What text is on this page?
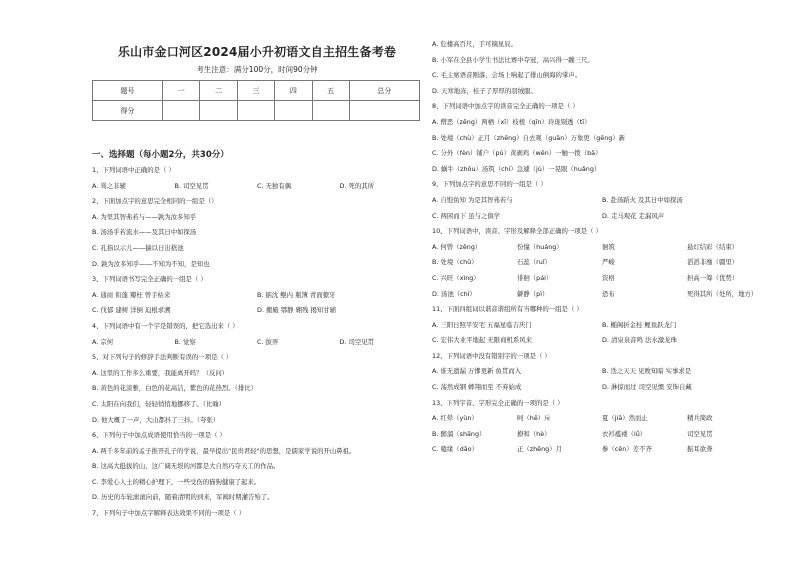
乐山市金口河区2024届小升初语文自主招生备考卷
考生注意：满分100分，时间90分钟
题号	一	二	三	四	五	总分
得分						
一、选择题（每小题2分，共30分）
1、下列词语中正确的是（ ）
A. 骂之非辅	B. 司空见贯	C. 无独有偶	D. 死的其所
2、下面加点字的意思完全相同的一组是（）
A. 为里其智弗若与——孰为汝多知乎
B. 汤汤乎若流水——及其日中如探汤
C. 孔指以示儿——揣以日出嵇池
D. 孰为汝多知乎——不知为不知，是知也
3、下列词语书写完全正确的一组是（ ）
A. 通商 衔蓬 瓣枉 曾手枯来	B. 掂沈 鲲内 瓶簿 青面獠牙
C. 伐郁 建树 洋倒 迫根求溯	D. 搬簸 鄂静 翱残 揭知甘辅
4、下列词语中有一个字是错误的，把它选出来（ ）
A. 宗何	B. 觉察	C. 拔弄	D. 司空见贯
5、对下列句子的修辞手法判断有误的一项是（ ）
A. 这里的工作多么重要，我能离开吗？（反问）
B. 黄色的花淡雅，白色的花高洁，紫色的花热烈。（排比）
C. 太阳在向我们，轻轻悄悄地挪移了。（比喻）
D. 他大概了一声，大山都抖了三抖。（夸张）
6、下列句子中加点成语使用恰当的一项是（ ）
A. 两千多年前的孟子推开孔子的学说，最早提出"民贵君轻"的思想，是儒家学说的开山鼻祖。
B. 这高大挺拔的山，这广阔无垠的河都是大自然巧夺天工的作品。
C. 李爱心人士的精心护理下，一些受伤的猫狗健康了起来。
D. 历史的车轮滚滚向前，随着清明的到来，军阀时期灌告殆了。
7、下列句子中加点字解释表达效果不同的一项是（ ）
A. 危楼高百尺，手可摘星辰。
B. 小军在全县小学生书法比赛中夺冠，高兴得一蹦三尺。
C. 毛主席语音刚落，会场上响起了排山倒海的掌声。
D. 天寒地冻，桂子了厚厚的羽绒服。
8、下列词语中加点字的读音完全正确的一项是（ ）
A. 僧恶（zēng）两栖（xī）枝棱（qīn）玲珑剔透（tī）
B. 处境（chù）正月（zhēng）自去观（guān）万象更（gēng）新
C. 分外（fèn）铺户（pù）黄剥鸡（wěn）一触一拨（bā）
D. 蜗牛（zhōu）汤筑（chí）急遽（jù）一晃眼（huǎng）
9、下列加点字的意思不同的一组是（ ）
A. 自饱鱼知 为是其智弗若与	B. 赴汤蹈火 及其日中如探汤
C. 两困而下 虽与之俱学	D. 走马观花 走漏风声
10、下列词语中，读音、字形及解释全部正确的一项是（ ）
A. 何曾（zēng）	份憧（huáng）	徊筑	悬灯结彩（结束）
B. 处境（chǔ）	石蕊（ruǐ）	严峻	滔滔非靡（疆里）
C. 兴旺（xìng）	徘徊（pái）	资格	担高一筹（优势）
D. 汤池（chí）	僻静（pì）	恐布	死得其所（处所，地方）
11、下面四组词以谐音谐组所有当哪种的一组是（ ）
A. 三阳日照平安宅 五福星临吉庆门	B. 椭阁折金桂 鲤鱼跃龙门
C. 宏伟大业平地起 无限商机系风来	D. 清泉泉音鸣 法水激龙珠
12、下列词语中没有错别字的一项是（ ）
A. 谁无遗漏 万慘更新 鱼贯而入	B. 迭之天天 见败知暗 实事求是
C. 荡然成钢 蟀翔而至 不弃始成	D. 淋掠而过 司空见惯 安饰自藏
13、下列字音、字形完全正确的一项的是（ ）
A. 红晕（yùn）	呵（hē）斥	夏（jiā）然而止	精兵简政
B. 醉溜（shāng）	撩和（hè）	衣衫褴褛（lǚ）	司空见贯
C. 嗑缘（dāo）	正（zhēng）月	参（cēn）差不齐	振耳欲聋
